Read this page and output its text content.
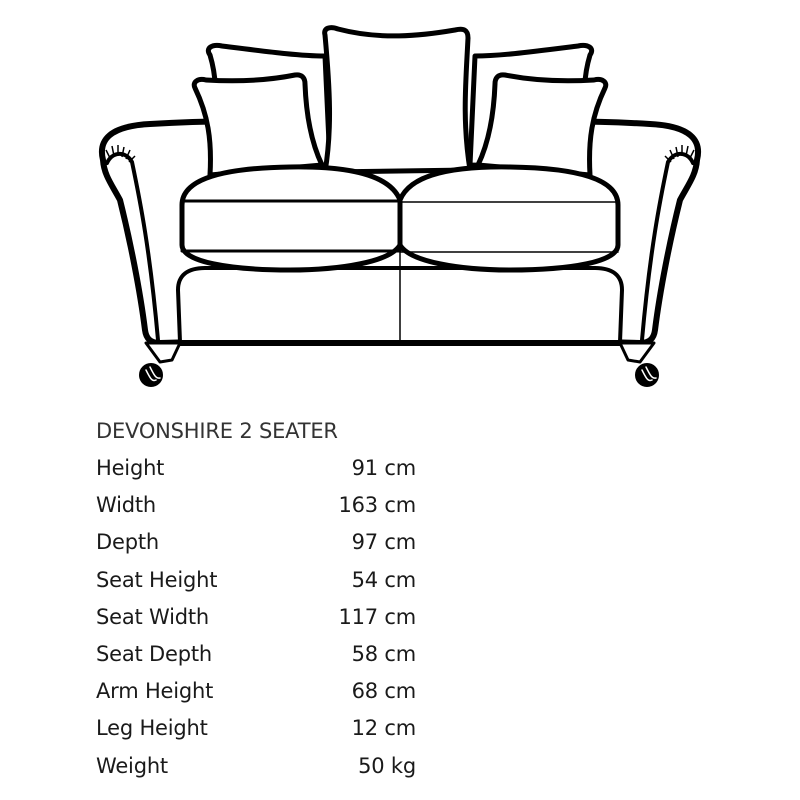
DEVONSHIRE 2 SEATER
Height	91 cm
Width	163 cm
Depth	97 cm
Seat Height	54 cm
Seat Width	117 cm
Seat Depth	58 cm
Arm Height	68 cm
Leg Height	12 cm
Weight	50 kg
